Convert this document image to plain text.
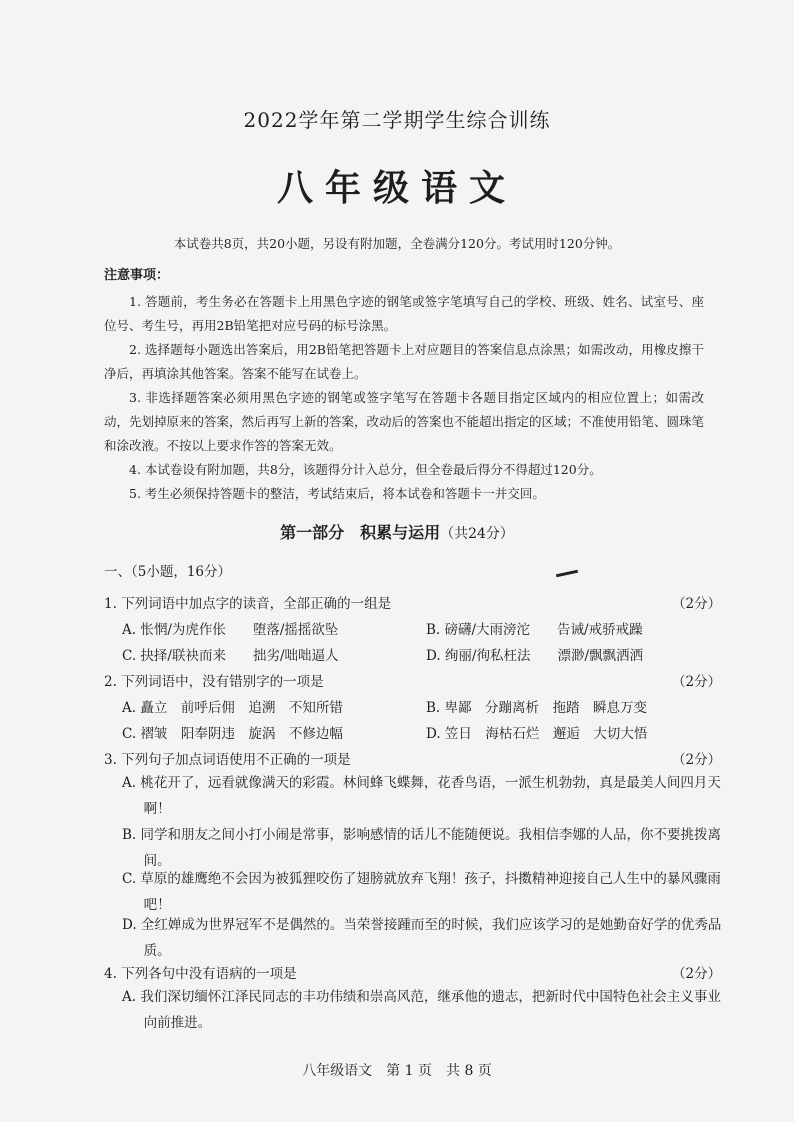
2022学年第二学期学生综合训练
八年级语文
本试卷共8页，共20小题，另设有附加题，全卷满分120分。考试用时120分钟。
注意事项：
1. 答题前，考生务必在答题卡上用黑色字迹的钢笔或签字笔填写自己的学校、班级、姓名、试室号、座位号、考生号，再用2B铅笔把对应号码的标号涂黑。
2. 选择题每小题选出答案后，用2B铅笔把答题卡上对应题目的答案信息点涂黑；如需改动，用橡皮擦干净后，再填涂其他答案。答案不能写在试卷上。
3. 非选择题答案必须用黑色字迹的钢笔或签字笔写在答题卡各题目指定区域内的相应位置上；如需改动，先划掉原来的答案，然后再写上新的答案，改动后的答案也不能超出指定的区域；不准使用铅笔、圆珠笔和涂改液。不按以上要求作答的答案无效。
4. 本试卷设有附加题，共8分，该题得分计入总分，但全卷最后得分不得超过120分。
5. 考生必须保持答题卡的整洁，考试结束后，将本试卷和答题卡一并交回。
第一部分　积累与运用（共24分）
一、（5小题，16分）
1. 下列词语中加点字的读音，全部正确的一组是	（2分）
A. 怅惘/为虎作伥　　堕落/摇摇欲坠	B. 磅礴/大雨滂沱　　告诫/戒骄戒躁
C. 抉择/联袂而来　　拙劣/咄咄逼人	D. 绚丽/徇私枉法　　漂渺/飘飘洒洒
2. 下列词语中，没有错别字的一项是	（2分）
A. 矗立　前呼后佣　追溯　不知所错	B. 卑鄙　分蹦离析　拖踏　瞬息万变
C. 褶皱　阳奉阴违　旋涡　不修边幅	D. 笠日　海枯石烂　邂逅　大切大悟
3. 下列句子加点词语使用不正确的一项是	（2分）
A. 桃花开了，远看就像满天的彩霞。林间蜂飞蝶舞，花香鸟语，一派生机勃勃，真是最美人间四月天啊！
B. 同学和朋友之间小打小闹是常事，影响感情的话儿不能随便说。我相信李娜的人品，你不要挑拨离间。
C. 草原的雄鹰绝不会因为被狐狸咬伤了翅膀就放弃飞翔！孩子，抖擞精神迎接自己人生中的暴风骤雨吧！
D. 全红婵成为世界冠军不是偶然的。当荣誉接踵而至的时候，我们应该学习的是她勤奋好学的优秀品质。
4. 下列各句中没有语病的一项是	（2分）
A. 我们深切缅怀江泽民同志的丰功伟绩和崇高风范，继承他的遗志，把新时代中国特色社会主义事业向前推进。
八年级语文　第 1 页　共 8 页
